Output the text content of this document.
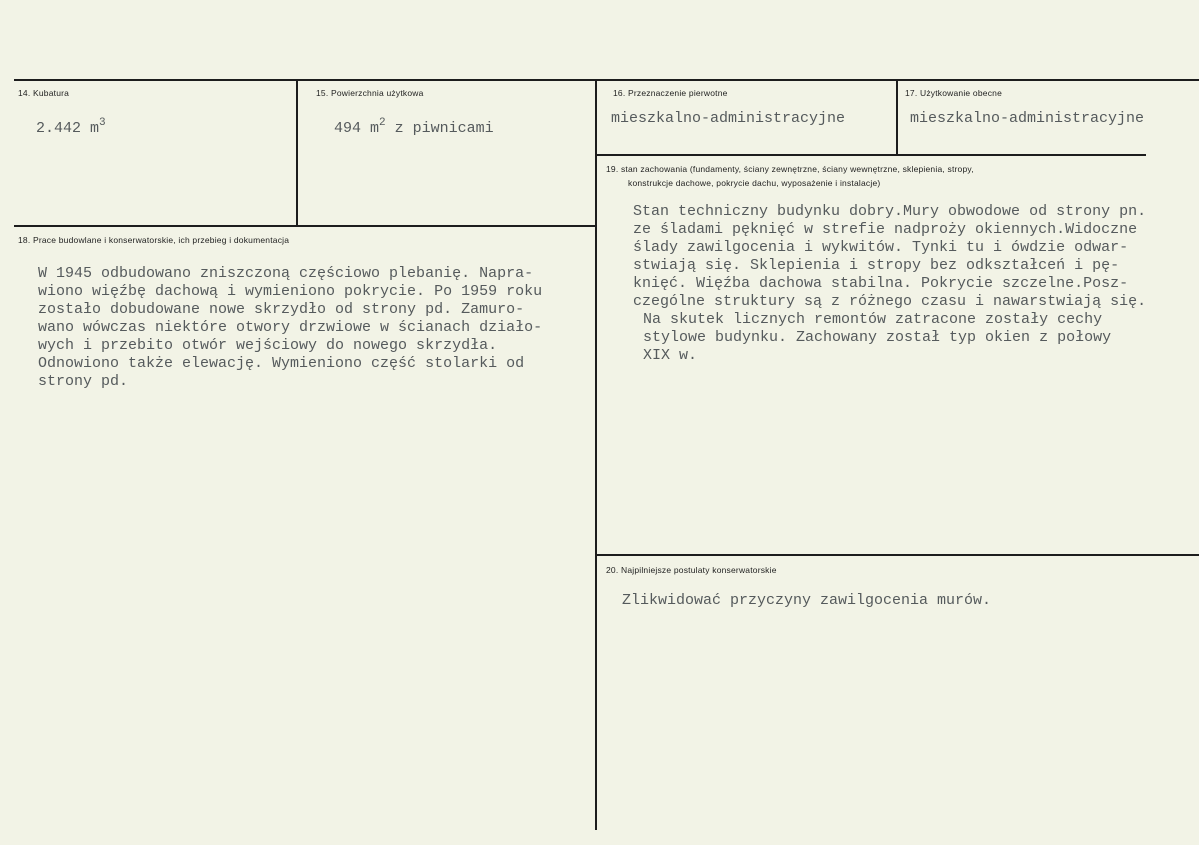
14. Kubatura
2.442 $m^3$
15. Powierzchnia użytkowa
494 $m^2$ z piwnicami
16. Przeznaczenie pierwotne
mieszkalno-administracyjne
17. Użytkowanie obecne
mieszkalno-administracyjne
18. Prace budowlane i konserwatorskie, ich przebieg i dokumentacja
W 1945 odbudowano zniszczoną częściowo plebanię. Napra-
wiono więźbę dachową i wymieniono pokrycie. Po 1959 roku
zostało dobudowane nowe skrzydło od strony pd. Zamuro-
wano wówczas niektóre otwory drzwiowe w ścianach działo-
wych i przebito otwór wejściowy do nowego skrzydła.
Odnowiono także elewację. Wymieniono część stolarki od
strony pd.
19. stan zachowania (fundamenty, ściany zewnętrzne, ściany wewnętrzne, sklepienia, stropy,
konstrukcje dachowe, pokrycie dachu, wyposażenie i instalacje)
Stan techniczny budynku dobry.Mury obwodowe od strony pn.
ze śladami pęknięć w strefie nadproży okiennych.Widoczne
ślady zawilgocenia i wykwitów. Tynki tu i ówdzie odwar-
stwiają się. Sklepienia i stropy bez odkształceń i pę-
knięć. Więźba dachowa stabilna. Pokrycie szczelne.Posz-
czególne struktury są z różnego czasu i nawarstwiają się.
Na skutek licznych remontów zatracone zostały cechy
stylowe budynku. Zachowany został typ okien z połowy
XIX w.
20. Najpilniejsze postulaty konserwatorskie
Zlikwidować przyczyny zawilgocenia murów.
